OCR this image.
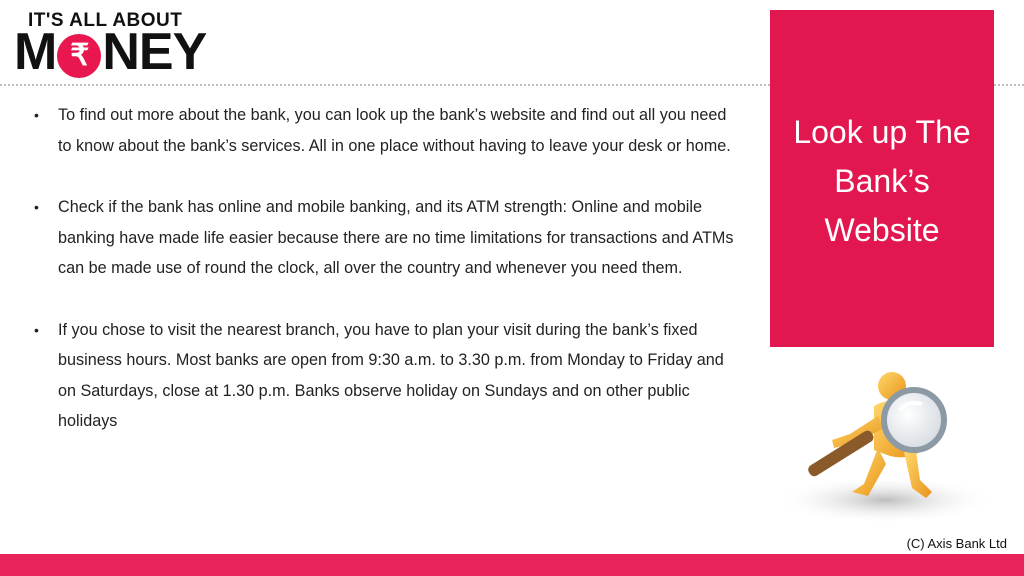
IT'S ALL ABOUT
M ₹ NEY
• To find out more about the bank, you can look up the bank’s website and find out all you need to know about the bank’s services. All in one place without having to leave your desk or home.
• Check if the bank has online and mobile banking, and its ATM strength: Online and mobile banking have made life easier because there are no time limitations for transactions and ATMs can be made use of round the clock, all over the country and whenever you need them.
• If you chose to visit the nearest branch, you have to plan your visit during the bank’s fixed business hours. Most banks are open from 9:30 a.m. to 3.30 p.m. from Monday to Friday and on Saturdays, close at 1.30 p.m. Banks observe holiday on Sundays and on other public holidays
Look up The Bank’s Website
(C) Axis Bank Ltd
